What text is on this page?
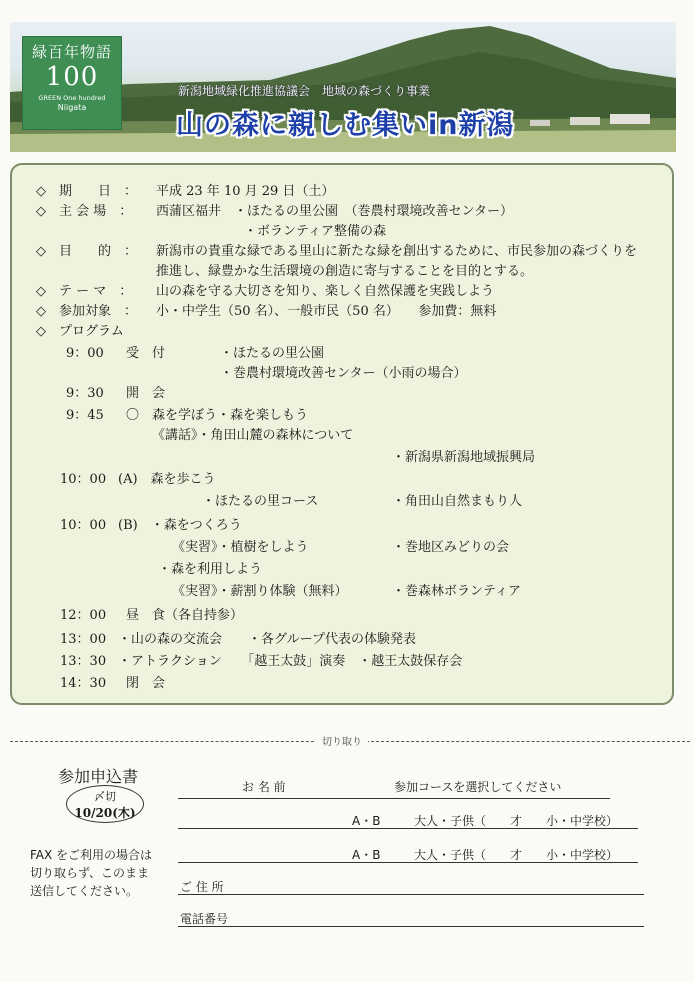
緑百年物語
100
GREEN One hundred
Niigata
新潟地域緑化推進協議会　地域の森づくり事業
山の森に親しむ集いin新潟
◇　期　　日　： 平成 23 年 10 月 29 日（土）
◇　主 会 場　： 西蒲区福井　・ほたるの里公園　（巻農村環境改善センター）
・ボランティア整備の森
◇　目　　的　： 新潟市の貴重な緑である里山に新たな緑を創出するために、市民参加の森づくりを
推進し、緑豊かな生活環境の創造に寄与することを目的とする。
◇　テ ー マ　： 山の森を守る大切さを知り、楽しく自然保護を実践しよう
◇　参加対象　： 小・中学生（50 名）、一般市民（50 名）　　参加費：無料
◇　プログラム
9：00 受　付	・ほたるの里公園
・巻農村環境改善センター（小雨の場合）
9：30 開　会
9：45 〇　森を学ぼう・森を楽しもう
《講話》・角田山麓の森林について
・新潟県新潟地域振興局
10：00 (A)　森を歩こう
・ほたるの里コース	・角田山自然まもり人
10：00 (B)　・森をつくろう
《実習》・植樹をしよう	・巻地区みどりの会
・森を利用しよう
《実習》・薪割り体験（無料）	・巻森林ボランティア
12：00 昼　食（各自持参）
13：00 ・山の森の交流会　　・各グループ代表の体験発表
13：30 ・アトラクション　　「越王太鼓」演奏　・越王太鼓保存会
14：30 閉　会
切り取り
参加申込書
〆切
10/20(木)
FAX をご利用の場合は
切り取らず、このまま
送信してください。
お 名 前	参加コースを選択してください
A・B	大人・子供（　　才　　小・中学校）
A・B	大人・子供（　　才　　小・中学校）
ご 住 所
電話番号
